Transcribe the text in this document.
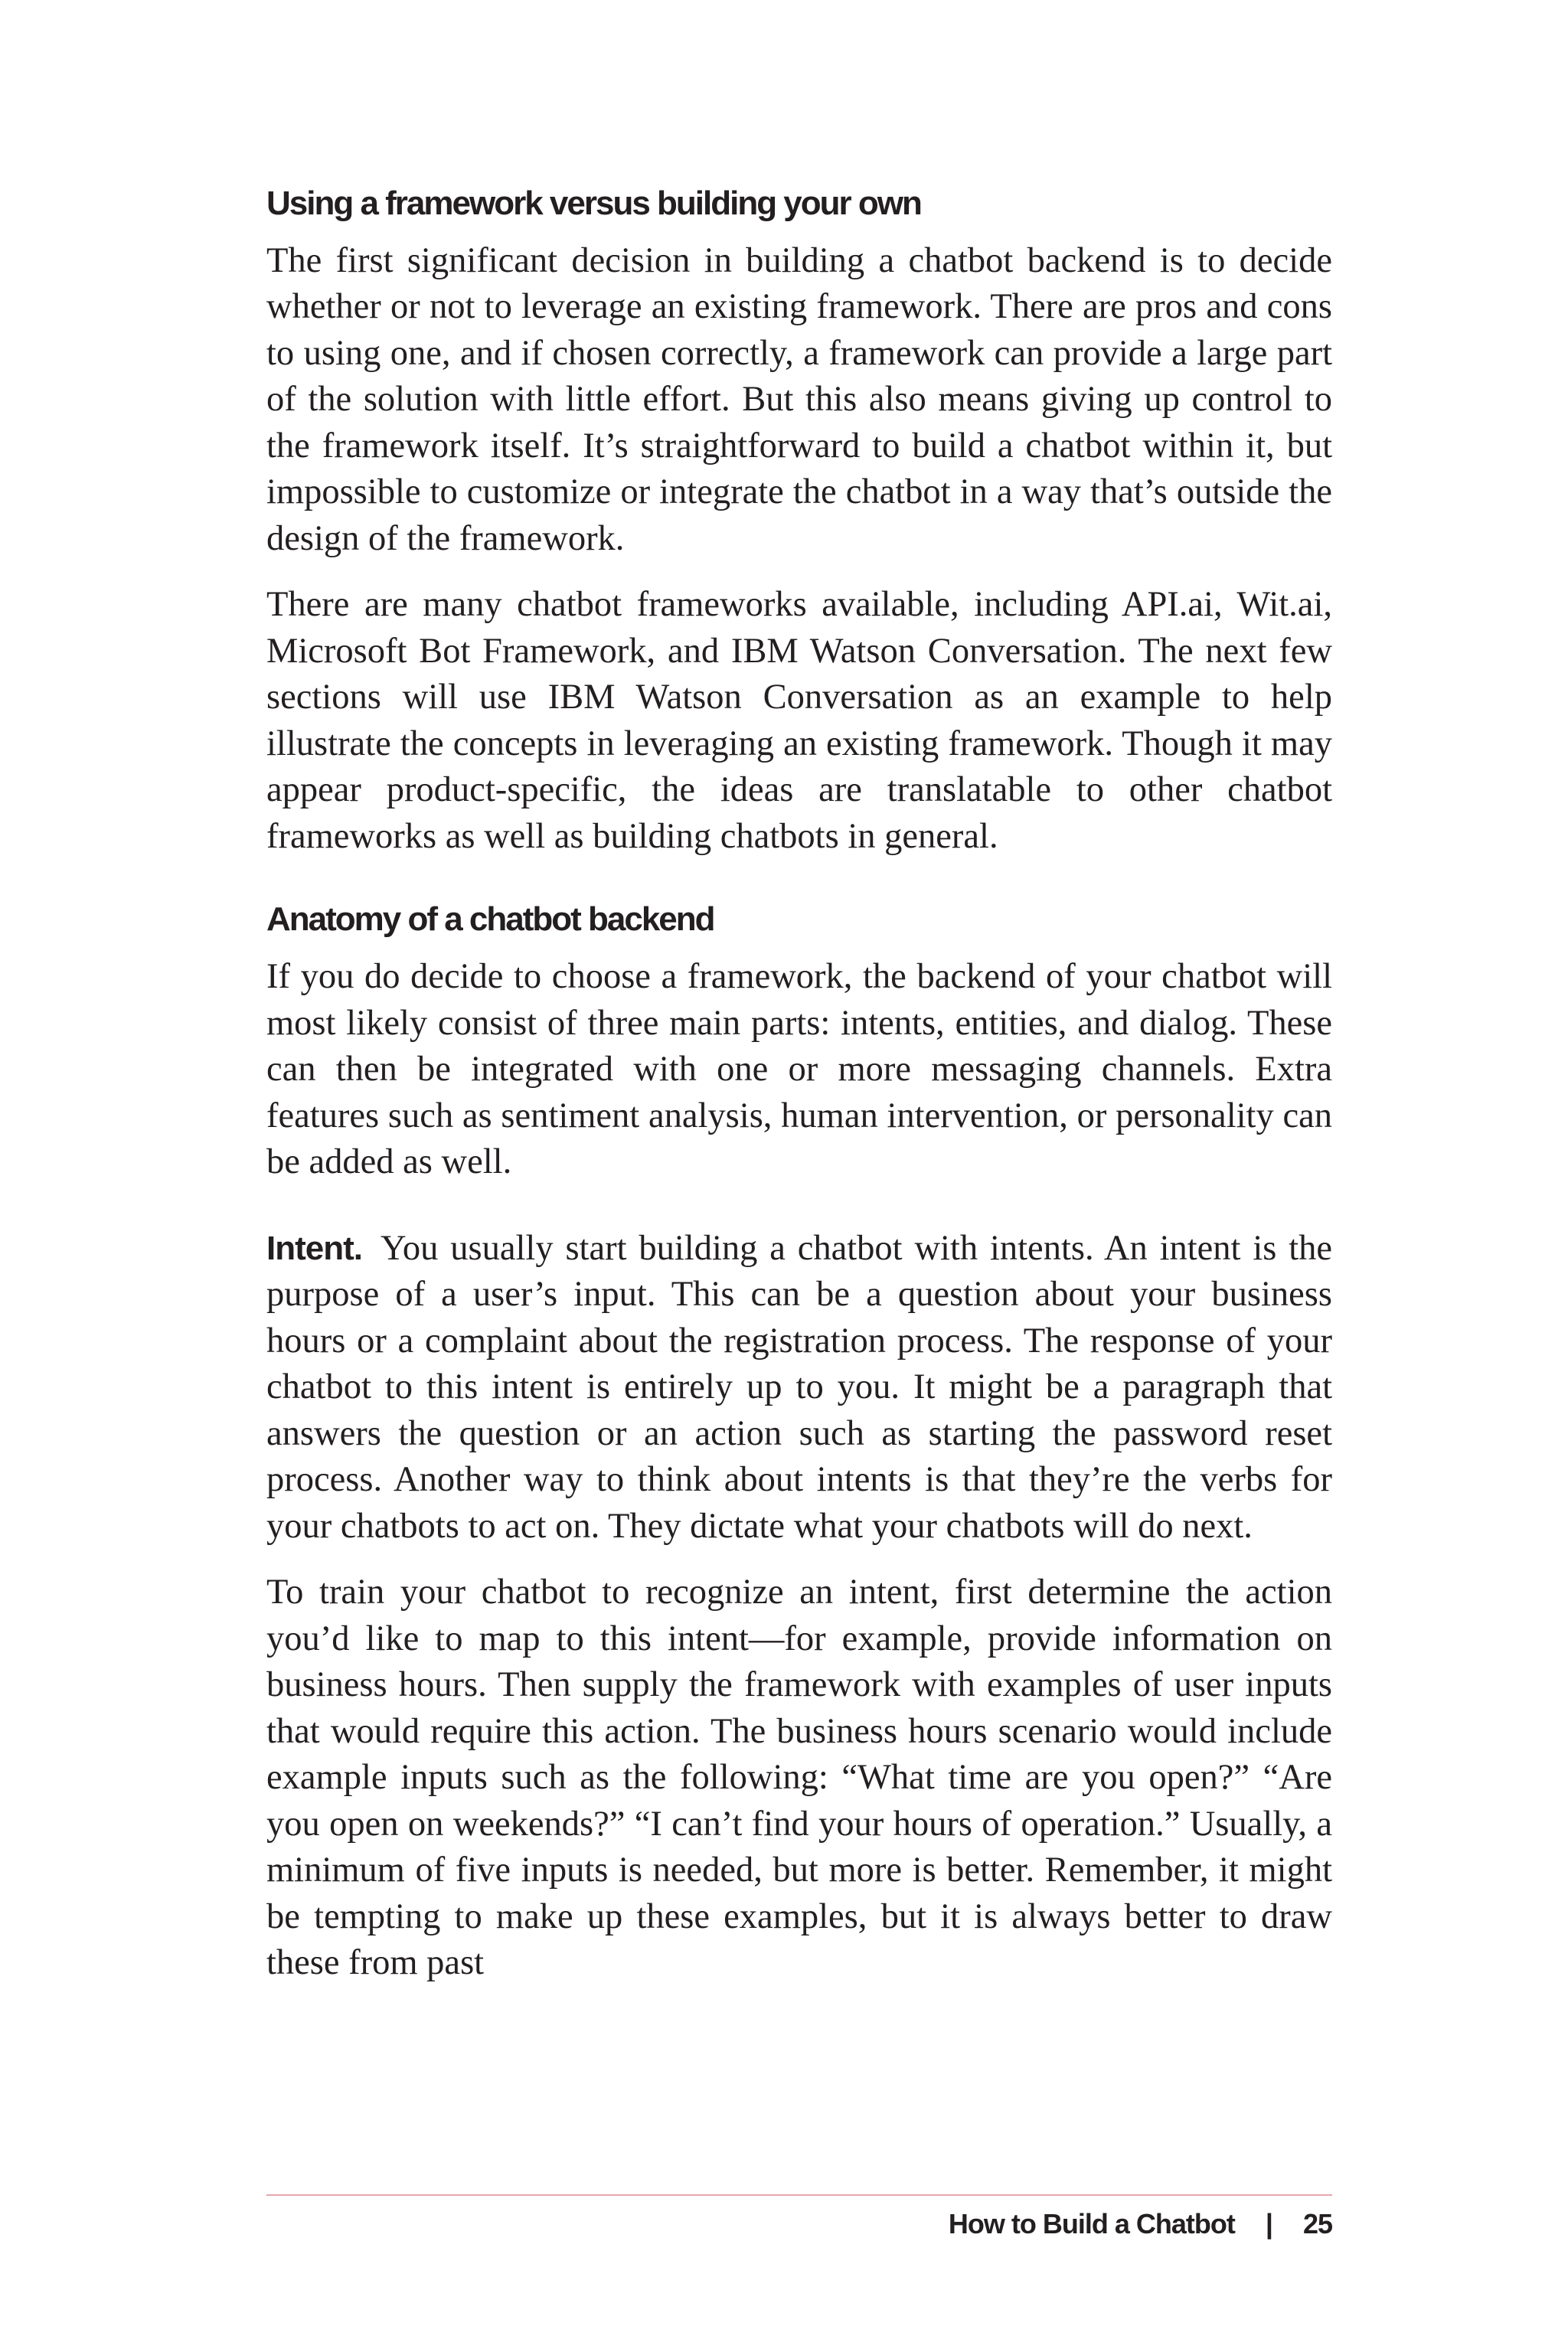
Using a framework versus building your own

The first significant decision in building a chatbot backend is to decide whether or not to leverage an existing framework. There are pros and cons to using one, and if chosen correctly, a framework can provide a large part of the solution with little effort. But this also means giving up control to the framework itself. It’s straightforward to build a chatbot within it, but impossible to customize or integrate the chatbot in a way that’s outside the design of the framework.

There are many chatbot frameworks available, including API.ai, Wit.ai, Microsoft Bot Framework, and IBM Watson Conversation. The next few sections will use IBM Watson Conversation as an example to help illustrate the concepts in leveraging an existing framework. Though it may appear product-specific, the ideas are translatable to other chatbot frameworks as well as building chatbots in general.

Anatomy of a chatbot backend

If you do decide to choose a framework, the backend of your chatbot will most likely consist of three main parts: intents, entities, and dialog. These can then be integrated with one or more messaging channels. Extra features such as sentiment analysis, human intervention, or personality can be added as well.

Intent. You usually start building a chatbot with intents. An intent is the purpose of a user’s input. This can be a question about your business hours or a complaint about the registration process. The response of your chatbot to this intent is entirely up to you. It might be a paragraph that answers the question or an action such as starting the password reset process. Another way to think about intents is that they’re the verbs for your chatbots to act on. They dictate what your chatbots will do next.

To train your chatbot to recognize an intent, first determine the action you’d like to map to this intent—for example, provide information on business hours. Then supply the framework with examples of user inputs that would require this action. The business hours scenario would include example inputs such as the following: “What time are you open?” “Are you open on weekends?” “I can’t find your hours of operation.” Usually, a minimum of five inputs is needed, but more is better. Remember, it might be tempting to make up these examples, but it is always better to draw these from past

How to Build a Chatbot | 25
